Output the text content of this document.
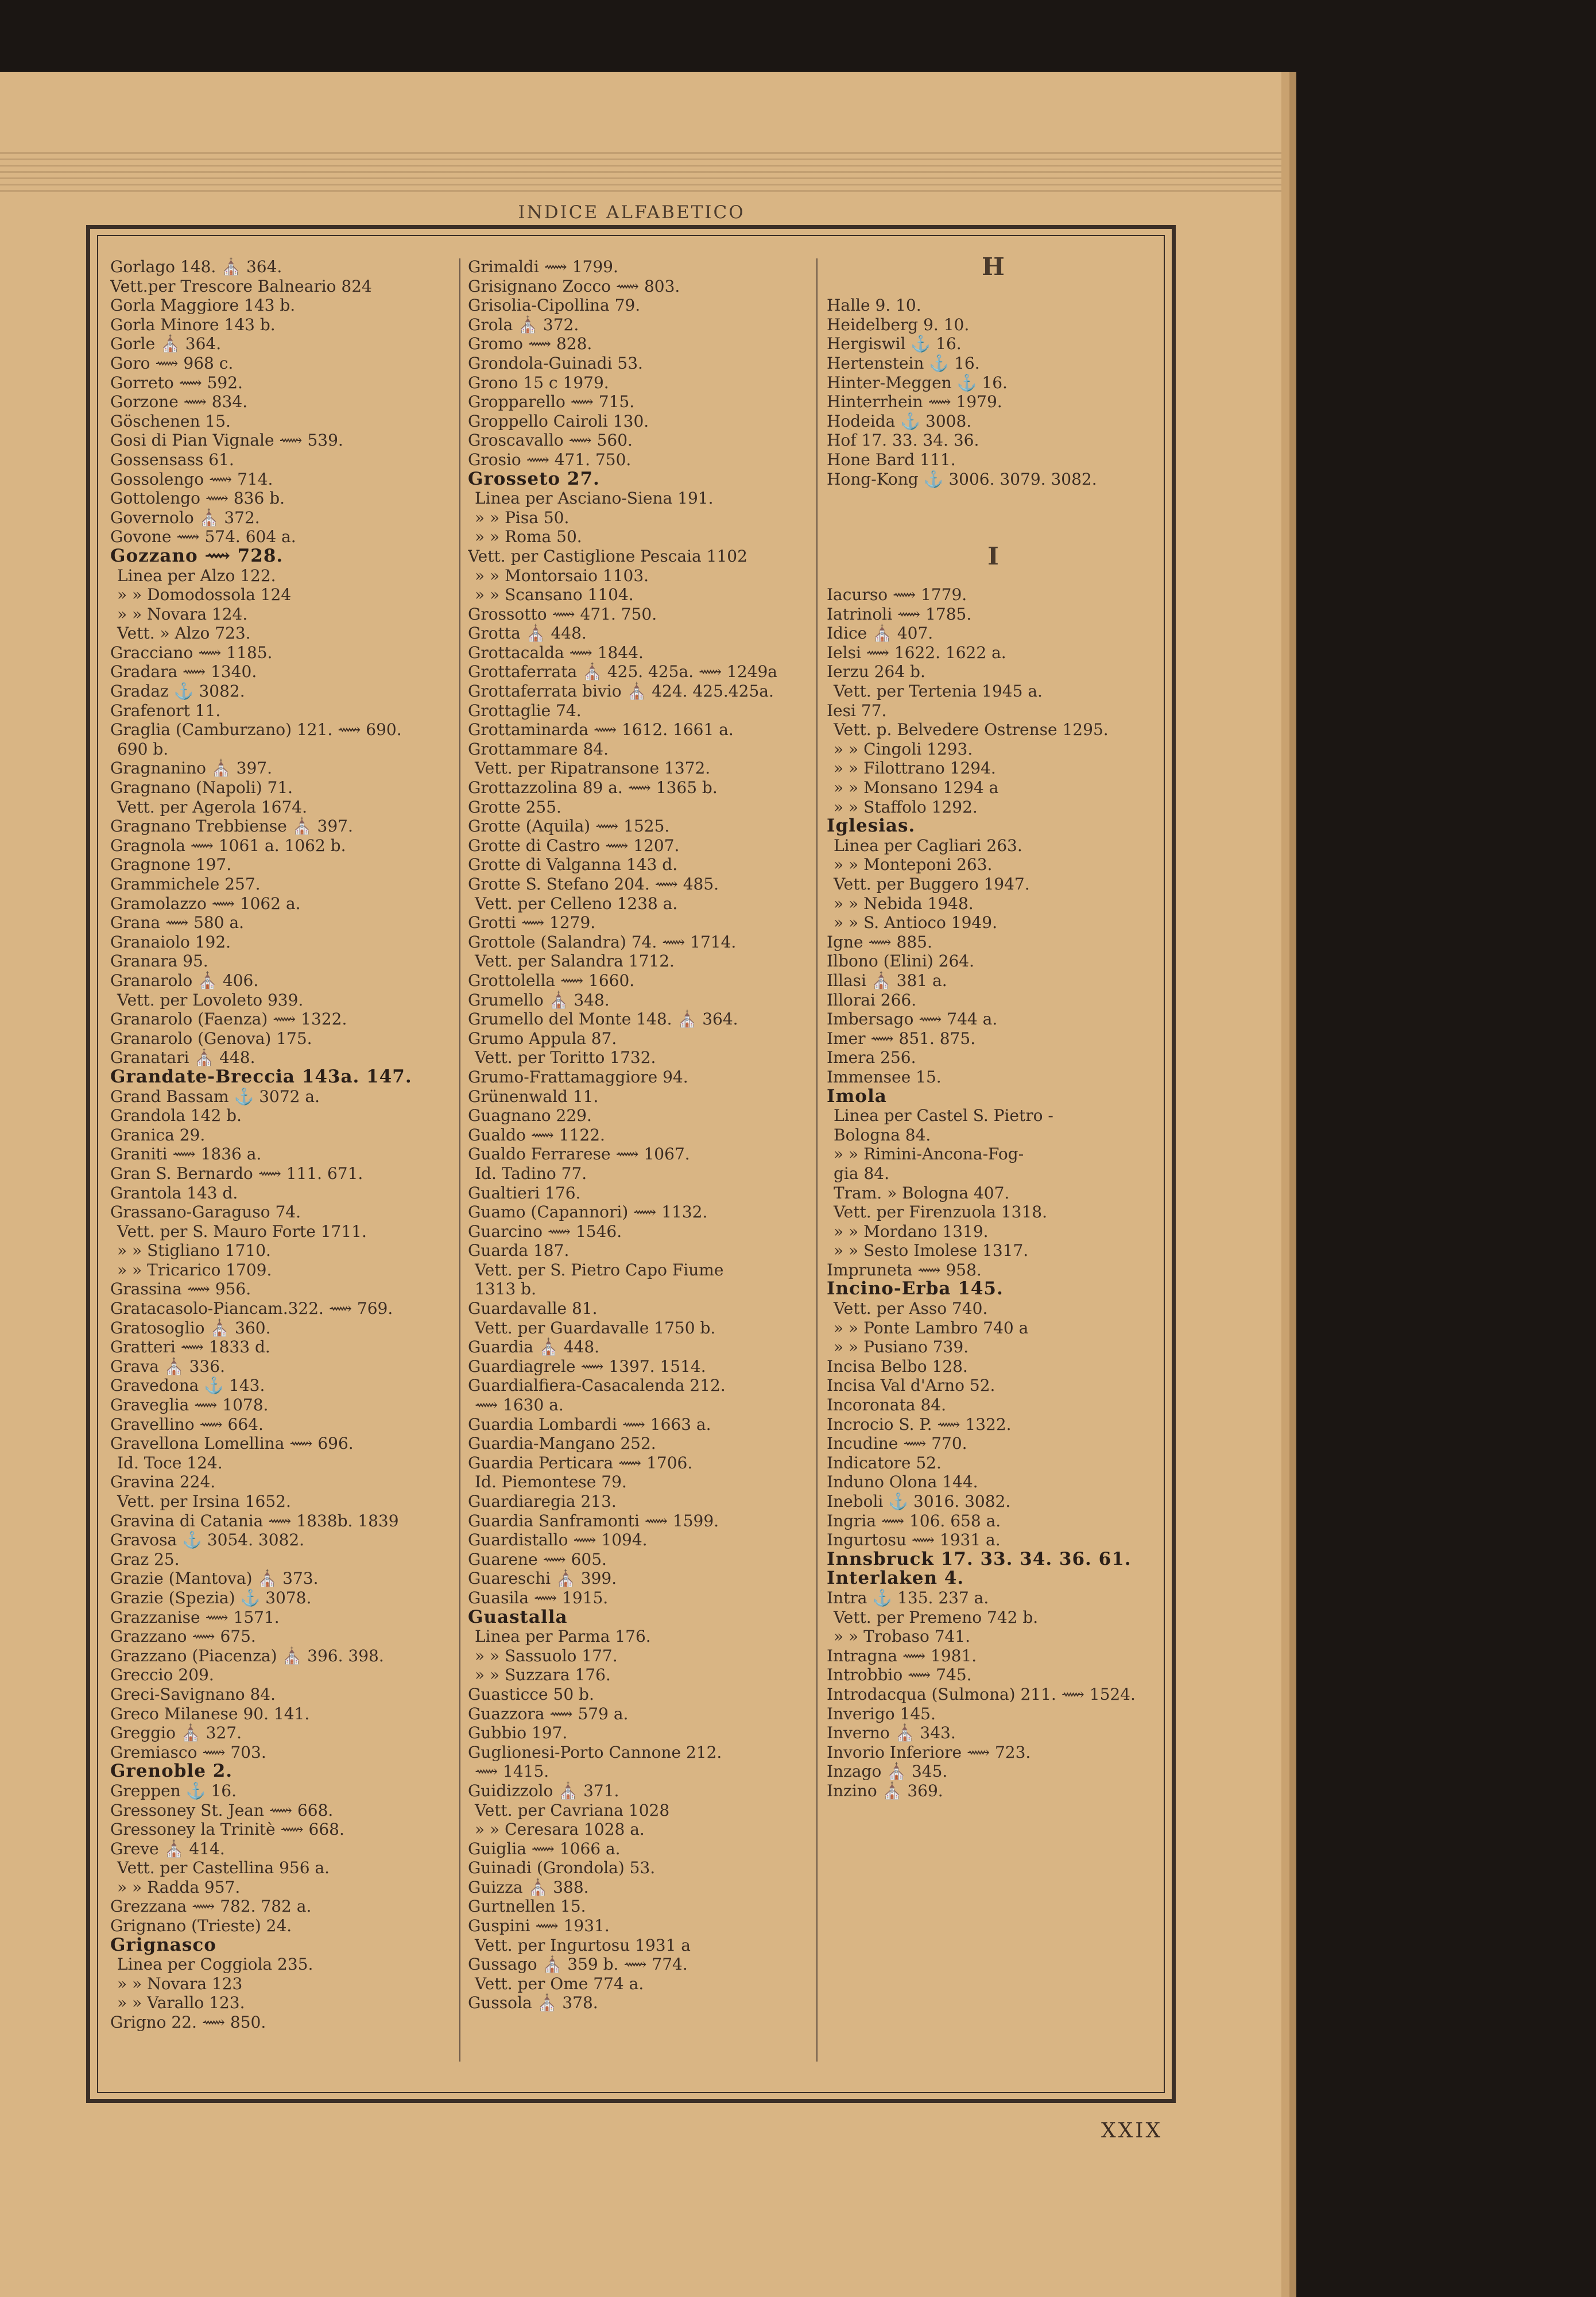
INDICE ALFABETICO
Gorlago 148. ⛪ 364.
Vett.per Trescore Balneario 824
Gorla Maggiore 143 b.
Gorla Minore 143 b.
Gorle ⛪ 364.
Goro ⟿ 968 c.
Gorreto ⟿ 592.
Gorzone ⟿ 834.
Göschenen 15.
Gosi di Pian Vignale ⟿ 539.
Gossensass 61.
Gossolengo ⟿ 714.
Gottolengo ⟿ 836 b.
Governolo ⛪ 372.
Govone ⟿ 574. 604 a.
Gozzano ⟿ 728.
Linea per Alzo 122.
» » Domodossola 124
» » Novara 124.
Vett. » Alzo 723.
Gracciano ⟿ 1185.
Gradara ⟿ 1340.
Gradaz ⚓ 3082.
Grafenort 11.
Graglia (Camburzano) 121. ⟿ 690.
690 b.
Gragnanino ⛪ 397.
Gragnano (Napoli) 71.
Vett. per Agerola 1674.
Gragnano Trebbiense ⛪ 397.
Gragnola ⟿ 1061 a. 1062 b.
Gragnone 197.
Grammichele 257.
Gramolazzo ⟿ 1062 a.
Grana ⟿ 580 a.
Granaiolo 192.
Granara 95.
Granarolo ⛪ 406.
Vett. per Lovoleto 939.
Granarolo (Faenza) ⟿ 1322.
Granarolo (Genova) 175.
Granatari ⛪ 448.
Grandate-Breccia 143a. 147.
Grand Bassam ⚓ 3072 a.
Grandola 142 b.
Granica 29.
Graniti ⟿ 1836 a.
Gran S. Bernardo ⟿ 111. 671.
Grantola 143 d.
Grassano-Garaguso 74.
Vett. per S. Mauro Forte 1711.
» » Stigliano 1710.
» » Tricarico 1709.
Grassina ⟿ 956.
Gratacasolo-Piancam.322. ⟿ 769.
Gratosoglio ⛪ 360.
Gratteri ⟿ 1833 d.
Grava ⛪ 336.
Gravedona ⚓ 143.
Graveglia ⟿ 1078.
Gravellino ⟿ 664.
Gravellona Lomellina ⟿ 696.
Id. Toce 124.
Gravina 224.
Vett. per Irsina 1652.
Gravina di Catania ⟿ 1838b. 1839
Gravosa ⚓ 3054. 3082.
Graz 25.
Grazie (Mantova) ⛪ 373.
Grazie (Spezia) ⚓ 3078.
Grazzanise ⟿ 1571.
Grazzano ⟿ 675.
Grazzano (Piacenza) ⛪ 396. 398.
Greccio 209.
Greci-Savignano 84.
Greco Milanese 90. 141.
Greggio ⛪ 327.
Gremiasco ⟿ 703.
Grenoble 2.
Greppen ⚓ 16.
Gressoney St. Jean ⟿ 668.
Gressoney la Trinitè ⟿ 668.
Greve ⛪ 414.
Vett. per Castellina 956 a.
» » Radda 957.
Grezzana ⟿ 782. 782 a.
Grignano (Trieste) 24.
Grignasco
Linea per Coggiola 235.
» » Novara 123
» » Varallo 123.
Grigno 22. ⟿ 850.
Grimaldi ⟿ 1799.
Grisignano Zocco ⟿ 803.
Grisolia-Cipollina 79.
Grola ⛪ 372.
Gromo ⟿ 828.
Grondola-Guinadi 53.
Grono 15 c 1979.
Gropparello ⟿ 715.
Groppello Cairoli 130.
Groscavallo ⟿ 560.
Grosio ⟿ 471. 750.
Grosseto 27.
Linea per Asciano-Siena 191.
» » Pisa 50.
» » Roma 50.
Vett. per Castiglione Pescaia 1102
» » Montorsaio 1103.
» » Scansano 1104.
Grossotto ⟿ 471. 750.
Grotta ⛪ 448.
Grottacalda ⟿ 1844.
Grottaferrata ⛪ 425. 425a. ⟿ 1249a
Grottaferrata bivio ⛪ 424. 425.425a.
Grottaglie 74.
Grottaminarda ⟿ 1612. 1661 a.
Grottammare 84.
Vett. per Ripatransone 1372.
Grottazzolina 89 a. ⟿ 1365 b.
Grotte 255.
Grotte (Aquila) ⟿ 1525.
Grotte di Castro ⟿ 1207.
Grotte di Valganna 143 d.
Grotte S. Stefano 204. ⟿ 485.
Vett. per Celleno 1238 a.
Grotti ⟿ 1279.
Grottole (Salandra) 74. ⟿ 1714.
Vett. per Salandra 1712.
Grottolella ⟿ 1660.
Grumello ⛪ 348.
Grumello del Monte 148. ⛪ 364.
Grumo Appula 87.
Vett. per Toritto 1732.
Grumo-Frattamaggiore 94.
Grünenwald 11.
Guagnano 229.
Gualdo ⟿ 1122.
Gualdo Ferrarese ⟿ 1067.
Id. Tadino 77.
Gualtieri 176.
Guamo (Capannori) ⟿ 1132.
Guarcino ⟿ 1546.
Guarda 187.
Vett. per S. Pietro Capo Fiume
1313 b.
Guardavalle 81.
Vett. per Guardavalle 1750 b.
Guardia ⛪ 448.
Guardiagrele ⟿ 1397. 1514.
Guardialfiera-Casacalenda 212.
⟿ 1630 a.
Guardia Lombardi ⟿ 1663 a.
Guardia-Mangano 252.
Guardia Perticara ⟿ 1706.
Id. Piemontese 79.
Guardiaregia 213.
Guardia Sanframonti ⟿ 1599.
Guardistallo ⟿ 1094.
Guarene ⟿ 605.
Guareschi ⛪ 399.
Guasila ⟿ 1915.
Guastalla
Linea per Parma 176.
» » Sassuolo 177.
» » Suzzara 176.
Guasticce 50 b.
Guazzora ⟿ 579 a.
Gubbio 197.
Guglionesi-Porto Cannone 212.
⟿ 1415.
Guidizzolo ⛪ 371.
Vett. per Cavriana 1028
» » Ceresara 1028 a.
Guiglia ⟿ 1066 a.
Guinadi (Grondola) 53.
Guizza ⛪ 388.
Gurtnellen 15.
Guspini ⟿ 1931.
Vett. per Ingurtosu 1931 a
Gussago ⛪ 359 b. ⟿ 774.
Vett. per Ome 774 a.
Gussola ⛪ 378.
H

Halle 9. 10.
Heidelberg 9. 10.
Hergiswil ⚓ 16.
Hertenstein ⚓ 16.
Hinter-Meggen ⚓ 16.
Hinterrhein ⟿ 1979.
Hodeida ⚓ 3008.
Hof 17. 33. 34. 36.
Hone Bard 111.
Hong-Kong ⚓ 3006. 3079. 3082.

I

Iacurso ⟿ 1779.
Iatrinoli ⟿ 1785.
Idice ⛪ 407.
Ielsi ⟿ 1622. 1622 a.
Ierzu 264 b.
Vett. per Tertenia 1945 a.
Iesi 77.
Vett. p. Belvedere Ostrense 1295.
» » Cingoli 1293.
» » Filottrano 1294.
» » Monsano 1294 a
» » Staffolo 1292.
Iglesias.
Linea per Cagliari 263.
» » Monteponi 263.
Vett. per Buggero 1947.
» » Nebida 1948.
» » S. Antioco 1949.
Igne ⟿ 885.
Ilbono (Elini) 264.
Illasi ⛪ 381 a.
Illorai 266.
Imbersago ⟿ 744 a.
Imer ⟿ 851. 875.
Imera 256.
Immensee 15.
Imola
Linea per Castel S. Pietro -
Bologna 84.
» » Rimini-Ancona-Fog-
gia 84.
Tram. » Bologna 407.
Vett. per Firenzuola 1318.
» » Mordano 1319.
» » Sesto Imolese 1317.
Impruneta ⟿ 958.
Incino-Erba 145.
Vett. per Asso 740.
» » Ponte Lambro 740 a
» » Pusiano 739.
Incisa Belbo 128.
Incisa Val d'Arno 52.
Incoronata 84.
Incrocio S. P. ⟿ 1322.
Incudine ⟿ 770.
Indicatore 52.
Induno Olona 144.
Ineboli ⚓ 3016. 3082.
Ingria ⟿ 106. 658 a.
Ingurtosu ⟿ 1931 a.
Innsbruck 17. 33. 34. 36. 61.
Interlaken 4.
Intra ⚓ 135. 237 a.
Vett. per Premeno 742 b.
» » Trobaso 741.
Intragna ⟿ 1981.
Introbbio ⟿ 745.
Introdacqua (Sulmona) 211. ⟿ 1524.
Inverigo 145.
Inverno ⛪ 343.
Invorio Inferiore ⟿ 723.
Inzago ⛪ 345.
Inzino ⛪ 369.
XXIX
